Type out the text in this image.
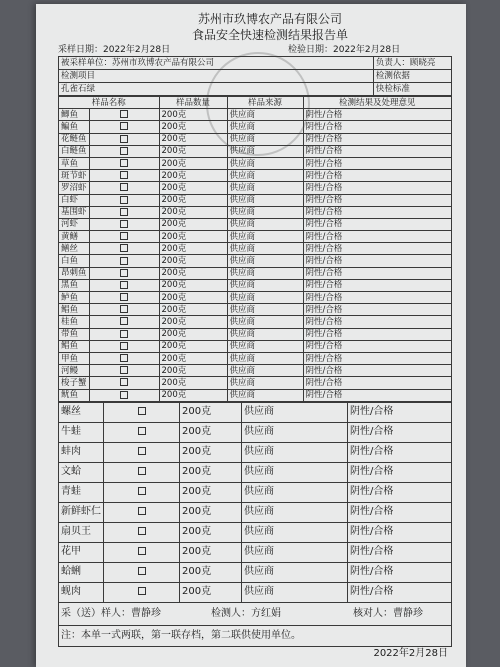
苏州市玖博农产品有限公司
食品安全快速检测结果报告单
采样日期：2022年2月28日	检验日期：2022年2月28日
被采样单位：苏州市玖博农产品有限公司	负责人：顾晓亮
检测项目	检测依据
孔雀石绿	快检标准
样品名称		样品数量	样品来源	检测结果及处理意见
鲫鱼		200克	供应商	阴性/合格
鳊鱼		200克	供应商	阴性/合格
花鲢鱼		200克	供应商	阴性/合格
白鲢鱼		200克	供应商	阴性/合格
草鱼		200克	供应商	阴性/合格
斑节虾		200克	供应商	阴性/合格
罗沼虾		200克	供应商	阴性/合格
白虾		200克	供应商	阴性/合格
基围虾		200克	供应商	阴性/合格
河虾		200克	供应商	阴性/合格
黄鳝		200克	供应商	阴性/合格
鳝丝		200克	供应商	阴性/合格
白鱼		200克	供应商	阴性/合格
昂刺鱼		200克	供应商	阴性/合格
黑鱼		200克	供应商	阴性/合格
鲈鱼		200克	供应商	阴性/合格
鲳鱼		200克	供应商	阴性/合格
桂鱼		200克	供应商	阴性/合格
带鱼		200克	供应商	阴性/合格
鲳鱼		200克	供应商	阴性/合格
甲鱼		200克	供应商	阴性/合格
河鳗		200克	供应商	阴性/合格
梭子蟹		200克	供应商	阴性/合格
鱿鱼		200克	供应商	阴性/合格
螺丝		200克	供应商	阴性/合格
牛蛙		200克	供应商	阴性/合格
蚌肉		200克	供应商	阴性/合格
文蛤		200克	供应商	阴性/合格
青蛙		200克	供应商	阴性/合格
新鲜虾仁		200克	供应商	阴性/合格
扇贝王		200克	供应商	阴性/合格
花甲		200克	供应商	阴性/合格
蛤蜊		200克	供应商	阴性/合格
蚬肉		200克	供应商	阴性/合格
采（送）样人：曹静珍	检测人：方红娟	核对人：曹静珍
注：本单一式两联，第一联存档，第二联供使用单位。
2022年2月28日
